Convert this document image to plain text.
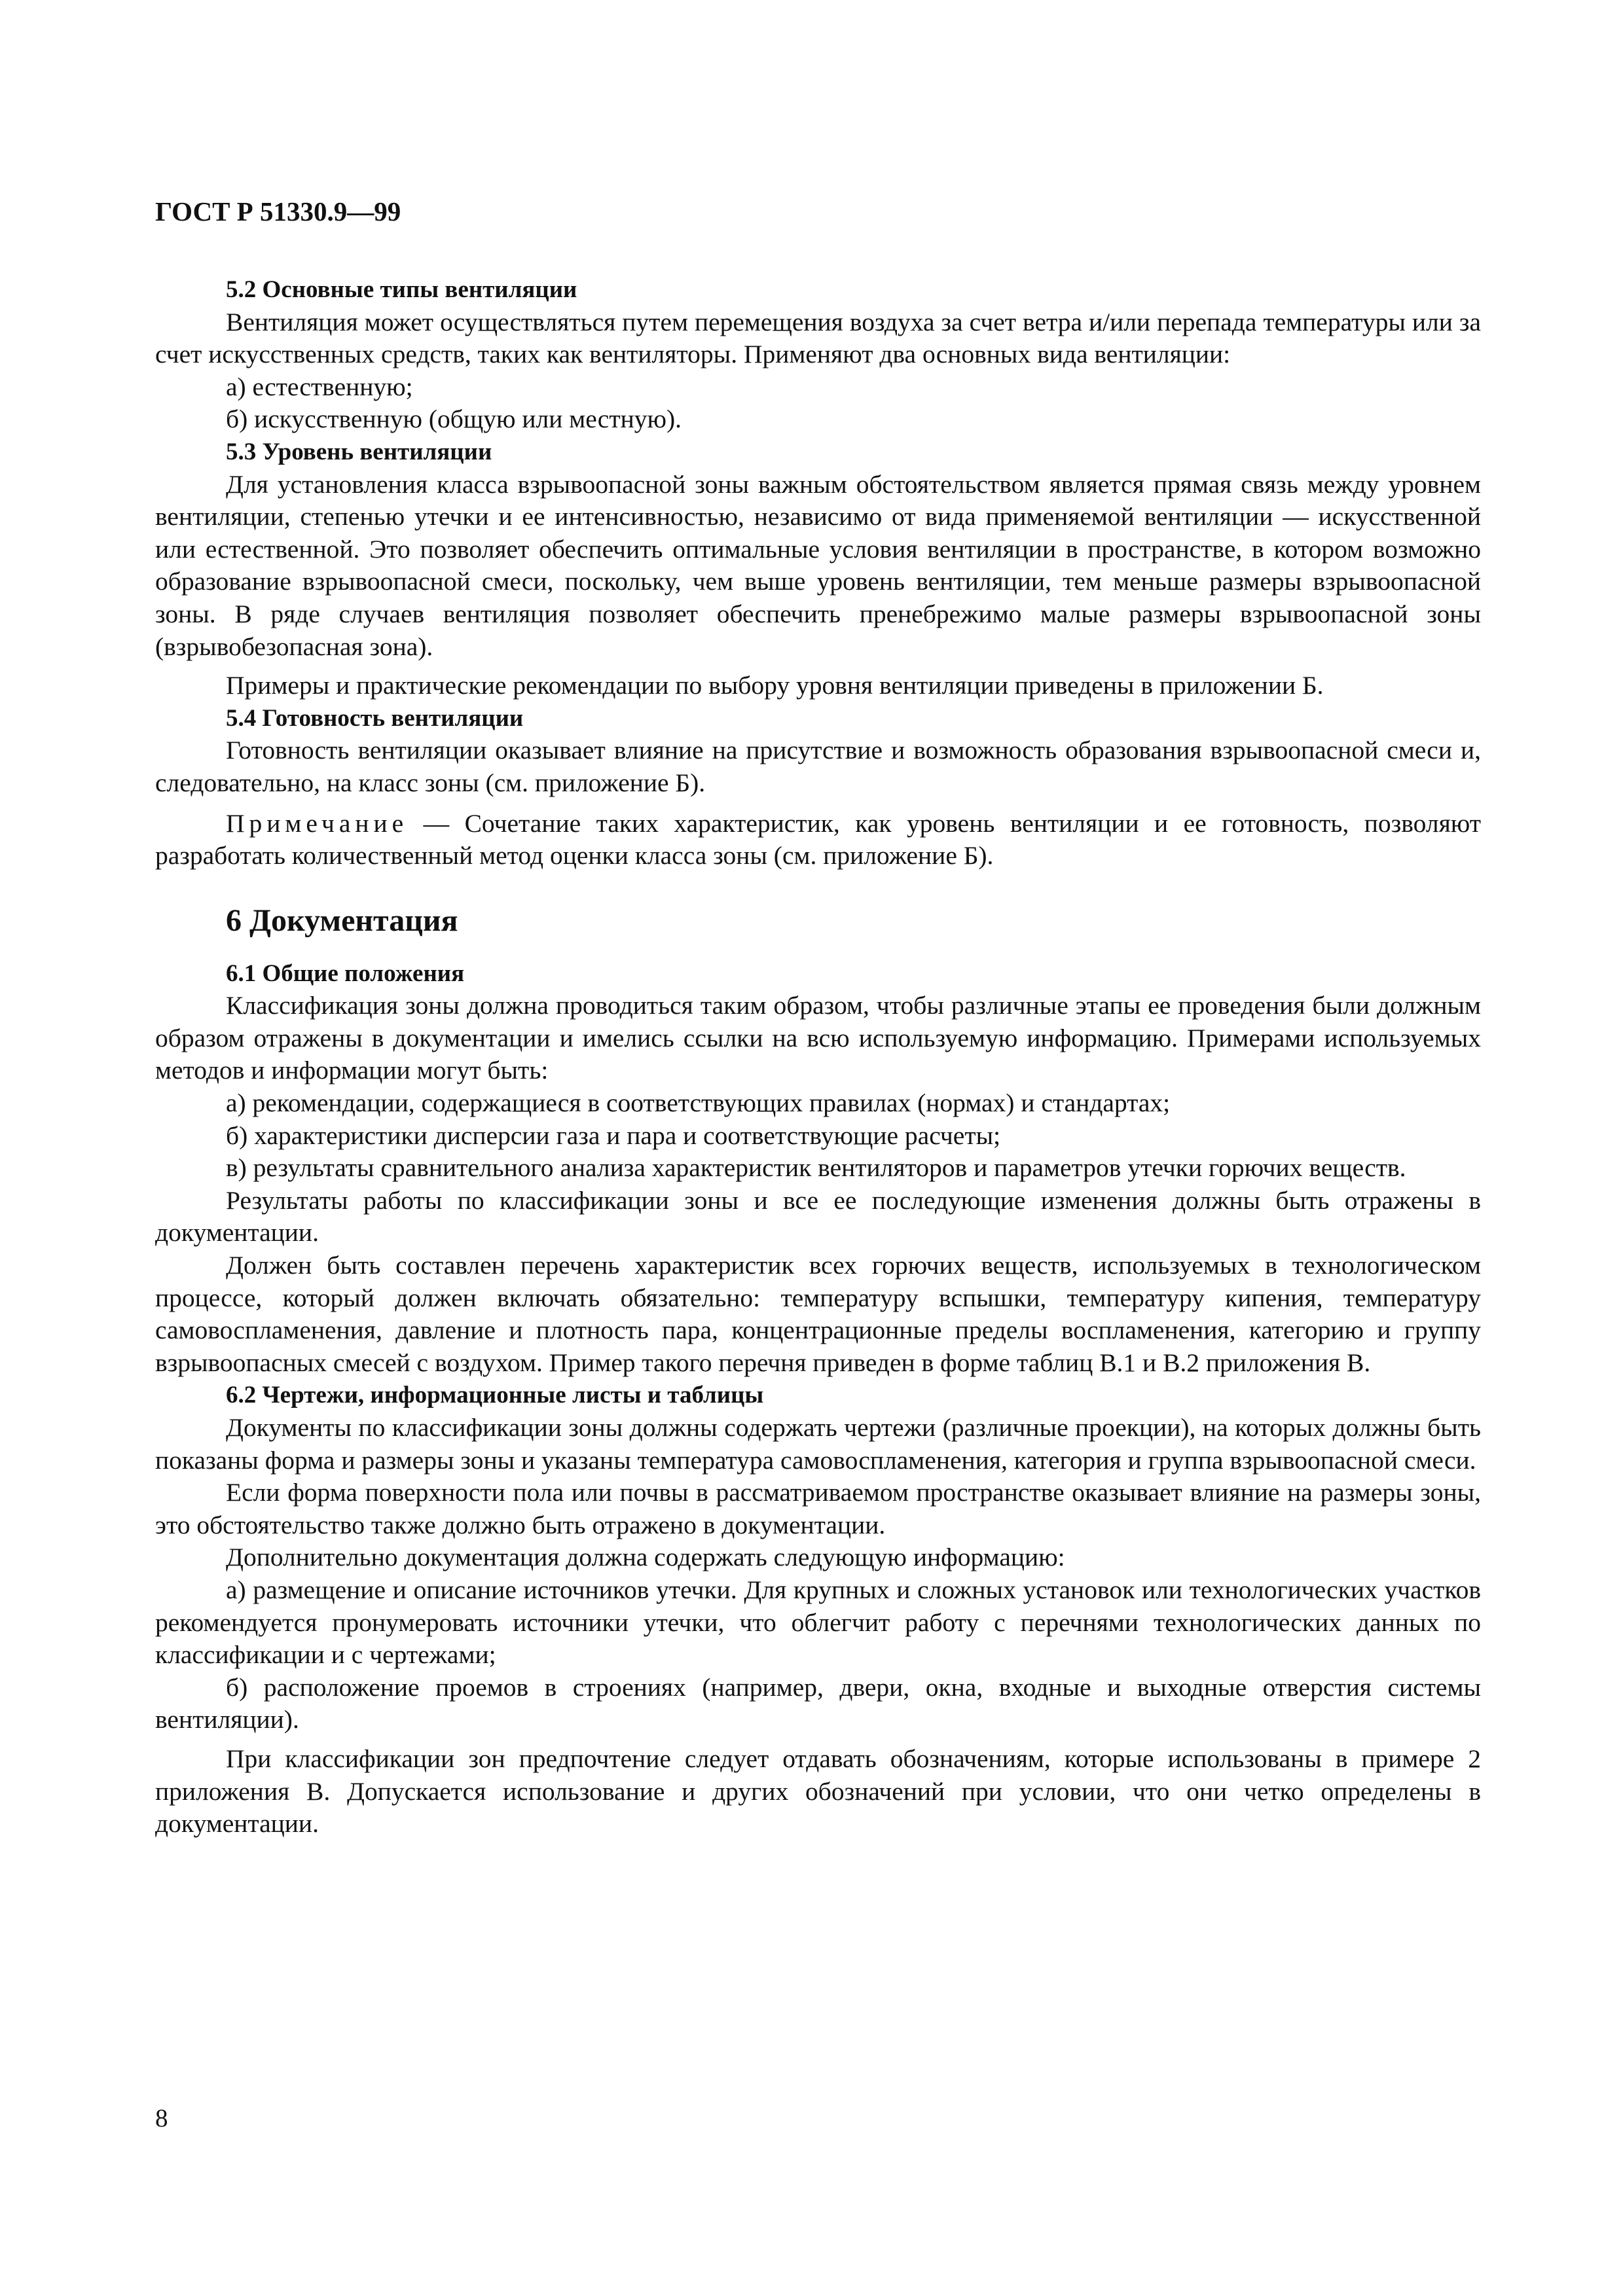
ГОСТ Р 51330.9—99

5.2 Основные типы вентиляции

Вентиляция может осуществляться путем перемещения воздуха за счет ветра и/или перепада температуры или за счет искусственных средств, таких как вентиляторы. Применяют два основных вида вентиляции:

а) естественную;

б) искусственную (общую или местную).

5.3 Уровень вентиляции

Для установления класса взрывоопасной зоны важным обстоятельством является прямая связь между уровнем вентиляции, степенью утечки и ее интенсивностью, независимо от вида применяемой вентиляции — искусственной или естественной. Это позволяет обеспечить оптимальные условия вентиляции в пространстве, в котором возможно образование взрывоопасной смеси, поскольку, чем выше уровень вентиляции, тем меньше размеры взрывоопасной зоны. В ряде случаев вентиляция позволяет обеспечить пренебрежимо малые размеры взрывоопасной зоны (взрывобезопасная зона).

Примеры и практические рекомендации по выбору уровня вентиляции приведены в приложении Б.

5.4 Готовность вентиляции

Готовность вентиляции оказывает влияние на присутствие и возможность образования взрывоопасной смеси и, следовательно, на класс зоны (см. приложение Б).

Примечание — Сочетание таких характеристик, как уровень вентиляции и ее готовность, позволяют разработать количественный метод оценки класса зоны (см. приложение Б).

6 Документация

6.1 Общие положения

Классификация зоны должна проводиться таким образом, чтобы различные этапы ее проведения были должным образом отражены в документации и имелись ссылки на всю используемую информацию. Примерами используемых методов и информации могут быть:

а) рекомендации, содержащиеся в соответствующих правилах (нормах) и стандартах;

б) характеристики дисперсии газа и пара и соответствующие расчеты;

в) результаты сравнительного анализа характеристик вентиляторов и параметров утечки горючих веществ.

Результаты работы по классификации зоны и все ее последующие изменения должны быть отражены в документации.

Должен быть составлен перечень характеристик всех горючих веществ, используемых в технологическом процессе, который должен включать обязательно: температуру вспышки, температуру кипения, температуру самовоспламенения, давление и плотность пара, концентрационные пределы воспламенения, категорию и группу взрывоопасных смесей с воздухом. Пример такого перечня приведен в форме таблиц В.1 и В.2 приложения В.

6.2 Чертежи, информационные листы и таблицы

Документы по классификации зоны должны содержать чертежи (различные проекции), на которых должны быть показаны форма и размеры зоны и указаны температура самовоспламенения, категория и группа взрывоопасной смеси.

Если форма поверхности пола или почвы в рассматриваемом пространстве оказывает влияние на размеры зоны, это обстоятельство также должно быть отражено в документации.

Дополнительно документация должна содержать следующую информацию:

а) размещение и описание источников утечки. Для крупных и сложных установок или технологических участков рекомендуется пронумеровать источники утечки, что облегчит работу с перечнями технологических данных по классификации и с чертежами;

б) расположение проемов в строениях (например, двери, окна, входные и выходные отверстия системы вентиляции).

При классификации зон предпочтение следует отдавать обозначениям, которые использованы в примере 2 приложения В. Допускается использование и других обозначений при условии, что они четко определены в документации.

8
